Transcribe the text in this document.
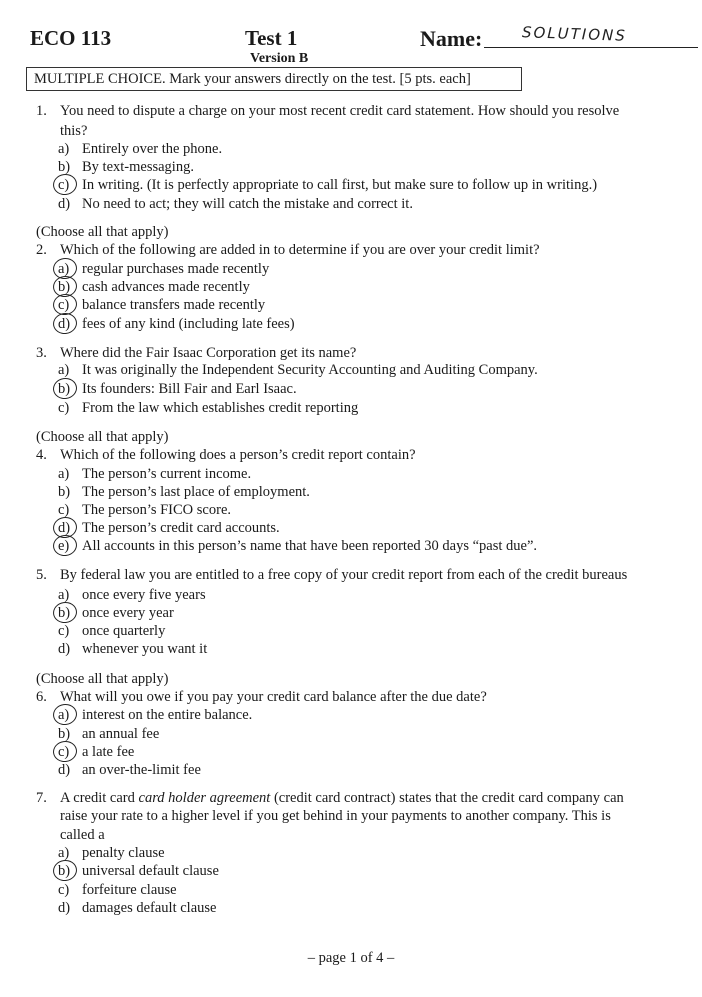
ECO 113	Test 1
Version B
Name:	SOLUTIONS
MULTIPLE CHOICE. Mark your answers directly on the test. [5 pts. each]
1. You need to dispute a charge on your most recent credit card statement. How should you resolve
this?
a) Entirely over the phone.
b) By text-messaging.
c) In writing. (It is perfectly appropriate to call first, but make sure to follow up in writing.)
d) No need to act; they will catch the mistake and correct it.
(Choose all that apply)
2. Which of the following are added in to determine if you are over your credit limit?
a) regular purchases made recently
b) cash advances made recently
c) balance transfers made recently
d) fees of any kind (including late fees)
3. Where did the Fair Isaac Corporation get its name?
a) It was originally the Independent Security Accounting and Auditing Company.
b) Its founders: Bill Fair and Earl Isaac.
c) From the law which establishes credit reporting
(Choose all that apply)
4. Which of the following does a person’s credit report contain?
a) The person’s current income.
b) The person’s last place of employment.
c) The person’s FICO score.
d) The person’s credit card accounts.
e) All accounts in this person’s name that have been reported 30 days “past due”.
5. By federal law you are entitled to a free copy of your credit report from each of the credit bureaus
a) once every five years
b) once every year
c) once quarterly
d) whenever you want it
(Choose all that apply)
6. What will you owe if you pay your credit card balance after the due date?
a) interest on the entire balance.
b) an annual fee
c) a late fee
d) an over-the-limit fee
7. A credit card card holder agreement (credit card contract) states that the credit card company can
raise your rate to a higher level if you get behind in your payments to another company. This is
called a
a) penalty clause
b) universal default clause
c) forfeiture clause
d) damages default clause
– page 1 of 4 –
